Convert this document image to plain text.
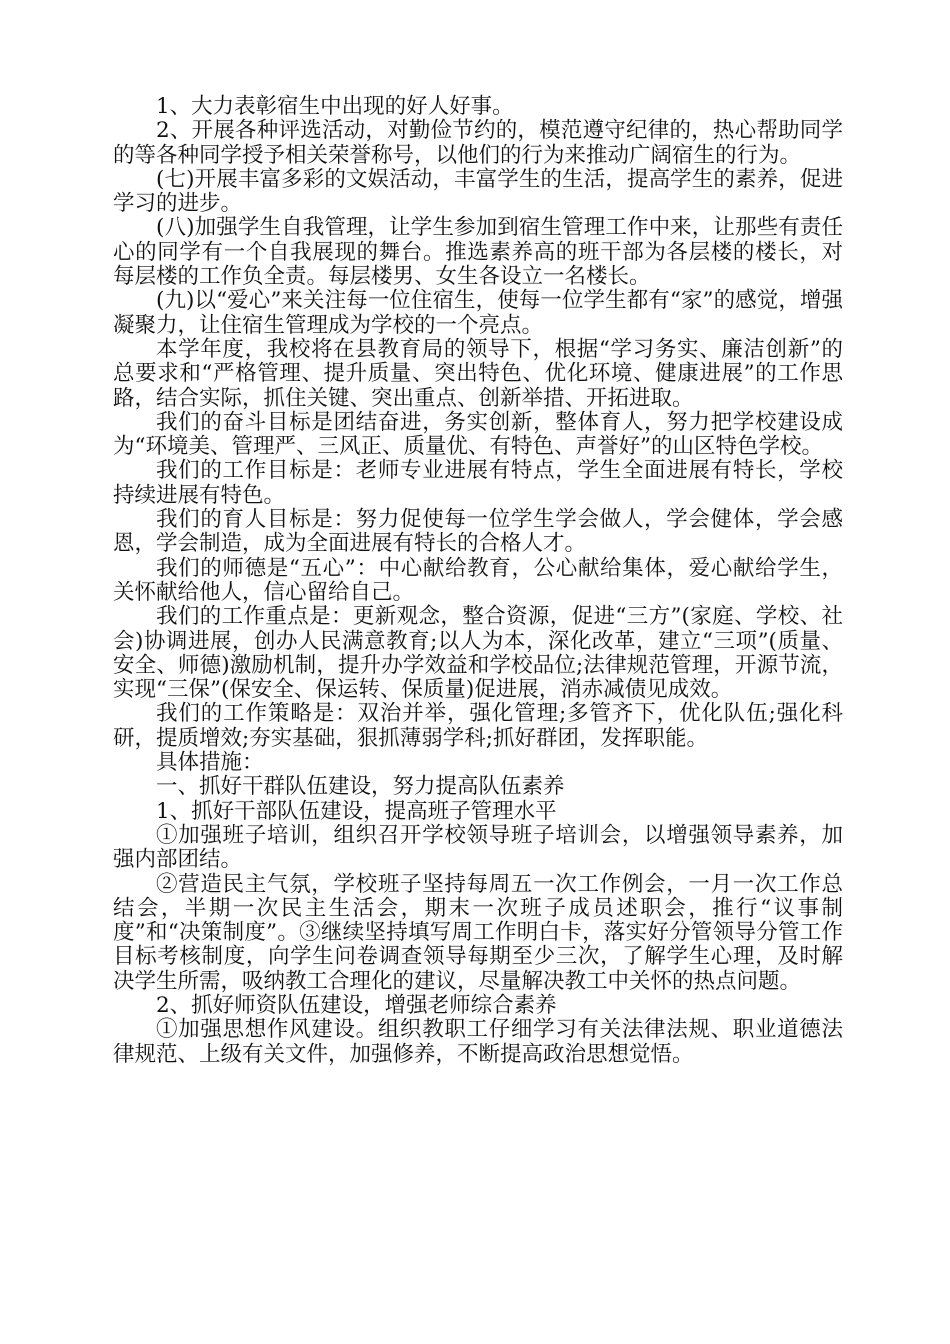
1、大力表彰宿生中出现的好人好事。

2、开展各种评选活动，对勤俭节约的，模范遵守纪律的，热心帮助同学的等各种同学授予相关荣誉称号，以他们的行为来推动广阔宿生的行为。

(七)开展丰富多彩的文娱活动，丰富学生的生活，提高学生的素养，促进学习的进步。

(八)加强学生自我管理，让学生参加到宿生管理工作中来，让那些有责任心的同学有一个自我展现的舞台。推选素养高的班干部为各层楼的楼长，对每层楼的工作负全责。每层楼男、女生各设立一名楼长。

(九)以“爱心”来关注每一位住宿生，使每一位学生都有“家”的感觉，增强凝聚力，让住宿生管理成为学校的一个亮点。

本学年度，我校将在县教育局的领导下，根据“学习务实、廉洁创新”的总要求和“严格管理、提升质量、突出特色、优化环境、健康进展”的工作思路，结合实际，抓住关键、突出重点、创新举措、开拓进取。

我们的奋斗目标是团结奋进，务实创新，整体育人，努力把学校建设成为“环境美、管理严、三风正、质量优、有特色、声誉好”的山区特色学校。

我们的工作目标是：老师专业进展有特点，学生全面进展有特长，学校持续进展有特色。

我们的育人目标是：努力促使每一位学生学会做人，学会健体，学会感恩，学会制造，成为全面进展有特长的合格人才。

我们的师德是“五心”：中心献给教育，公心献给集体，爱心献给学生，关怀献给他人，信心留给自己。

我们的工作重点是：更新观念，整合资源，促进“三方”(家庭、学校、社会)协调进展，创办人民满意教育;以人为本，深化改革，建立“三项”(质量、安全、师德)激励机制，提升办学效益和学校品位;法律规范管理，开源节流，实现“三保”(保安全、保运转、保质量)促进展，消赤减债见成效。

我们的工作策略是：双治并举，强化管理;多管齐下，优化队伍;强化科研，提质增效;夯实基础，狠抓薄弱学科;抓好群团，发挥职能。

具体措施：

一、抓好干群队伍建设，努力提高队伍素养

1、抓好干部队伍建设，提高班子管理水平

①加强班子培训，组织召开学校领导班子培训会，以增强领导素养，加强内部团结。

②营造民主气氛，学校班子坚持每周五一次工作例会，一月一次工作总结会，半期一次民主生活会，期末一次班子成员述职会，推行“议事制度”和“决策制度”。③继续坚持填写周工作明白卡，落实好分管领导分管工作目标考核制度，向学生问卷调查领导每期至少三次，了解学生心理，及时解决学生所需，吸纳教工合理化的建议，尽量解决教工中关怀的热点问题。

2、抓好师资队伍建设，增强老师综合素养

①加强思想作风建设。组织教职工仔细学习有关法律法规、职业道德法律规范、上级有关文件，加强修养，不断提高政治思想觉悟。
